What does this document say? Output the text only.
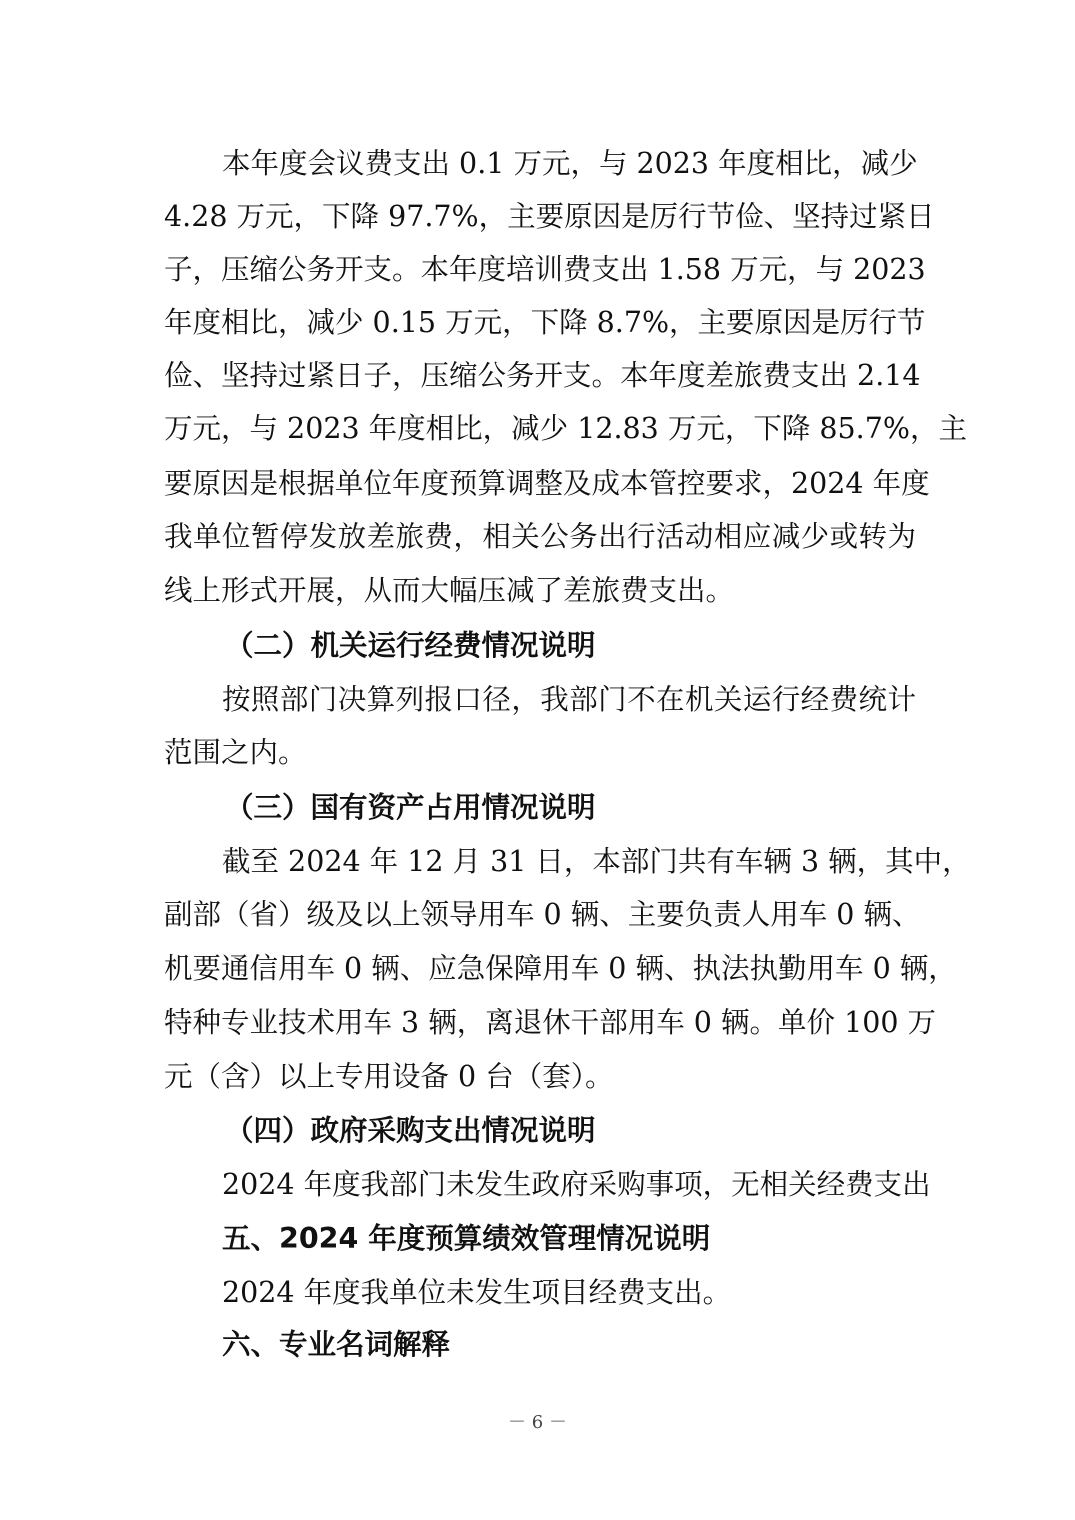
本年度会议费支出 0.1 万元，与 2023 年度相比，减少
4.28 万元，下降 97.7%，主要原因是厉行节俭、坚持过紧日
子，压缩公务开支。本年度培训费支出 1.58 万元，与 2023
年度相比，减少 0.15 万元，下降 8.7%，主要原因是厉行节
俭、坚持过紧日子，压缩公务开支。本年度差旅费支出 2.14
万元，与 2023 年度相比，减少 12.83 万元，下降 85.7%，主
要原因是根据单位年度预算调整及成本管控要求，2024 年度
我单位暂停发放差旅费，相关公务出行活动相应减少或转为
线上形式开展，从而大幅压减了差旅费支出。
（二）机关运行经费情况说明
按照部门决算列报口径，我部门不在机关运行经费统计
范围之内。
（三）国有资产占用情况说明
截至 2024 年 12 月 31 日，本部门共有车辆 3 辆，其中，
副部（省）级及以上领导用车 0 辆、主要负责人用车 0 辆、
机要通信用车 0 辆、应急保障用车 0 辆、执法执勤用车 0 辆，
特种专业技术用车 3 辆，离退休干部用车 0 辆。单价 100 万
元（含）以上专用设备 0 台（套）。
（四）政府采购支出情况说明
2024 年度我部门未发生政府采购事项，无相关经费支出
五、2024 年度预算绩效管理情况说明
2024 年度我单位未发生项目经费支出。
六、专业名词解释
－ 6 －
